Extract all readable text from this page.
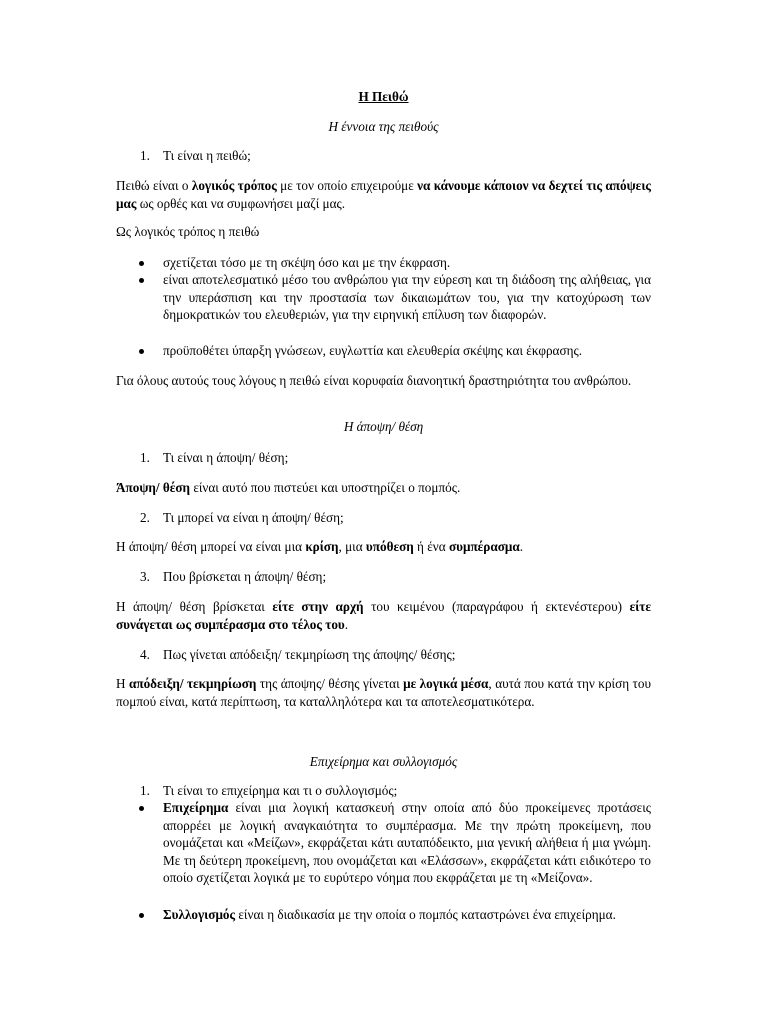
Η Πειθώ
Η έννοια της πειθούς
1. Τι είναι η πειθώ;
Πειθώ είναι ο λογικός τρόπος με τον οποίο επιχειρούμε να κάνουμε κάποιον να δεχτεί τις απόψεις μας ως ορθές και να συμφωνήσει μαζί μας.
Ως λογικός τρόπος η πειθώ
σχετίζεται τόσο με τη σκέψη όσο και με την έκφραση.
είναι αποτελεσματικό μέσο του ανθρώπου για την εύρεση και τη διάδοση της αλήθειας, για την υπεράσπιση και την προστασία των δικαιωμάτων του, για την κατοχύρωση των δημοκρατικών του ελευθεριών, για την ειρηνική επίλυση των διαφορών.
προϋποθέτει ύπαρξη γνώσεων, ευγλωττία και ελευθερία σκέψης και έκφρασης.
Για όλους αυτούς τους λόγους η πειθώ είναι κορυφαία διανοητική δραστηριότητα του ανθρώπου.
Η άποψη/ θέση
1. Τι είναι η άποψη/ θέση;
Άποψη/ θέση είναι αυτό που πιστεύει και υποστηρίζει ο πομπός.
2. Τι μπορεί να είναι η άποψη/ θέση;
Η άποψη/ θέση μπορεί να είναι μια κρίση, μια υπόθεση ή ένα συμπέρασμα.
3. Που βρίσκεται η άποψη/ θέση;
Η άποψη/ θέση βρίσκεται είτε στην αρχή του κειμένου (παραγράφου ή εκτενέστερου) είτε συνάγεται ως συμπέρασμα στο τέλος του.
4. Πως γίνεται απόδειξη/ τεκμηρίωση της άποψης/ θέσης;
Η απόδειξη/ τεκμηρίωση της άποψης/ θέσης γίνεται με λογικά μέσα, αυτά που κατά την κρίση του πομπού είναι, κατά περίπτωση, τα καταλληλότερα και τα αποτελεσματικότερα.
Επιχείρημα και συλλογισμός
1. Τι είναι το επιχείρημα και τι ο συλλογισμός;
Επιχείρημα είναι μια λογική κατασκευή στην οποία από δύο προκείμενες προτάσεις απορρέει με λογική αναγκαιότητα το συμπέρασμα. Με την πρώτη προκείμενη, που ονομάζεται και «Μείζων», εκφράζεται κάτι αυταπόδεικτο, μια γενική αλήθεια ή μια γνώμη. Με τη δεύτερη προκείμενη, που ονομάζεται και «Ελάσσων», εκφράζεται κάτι ειδικότερο το οποίο σχετίζεται λογικά με το ευρύτερο νόημα που εκφράζεται με τη «Μείζονα».
Συλλογισμός είναι η διαδικασία με την οποία ο πομπός καταστρώνει ένα επιχείρημα.
